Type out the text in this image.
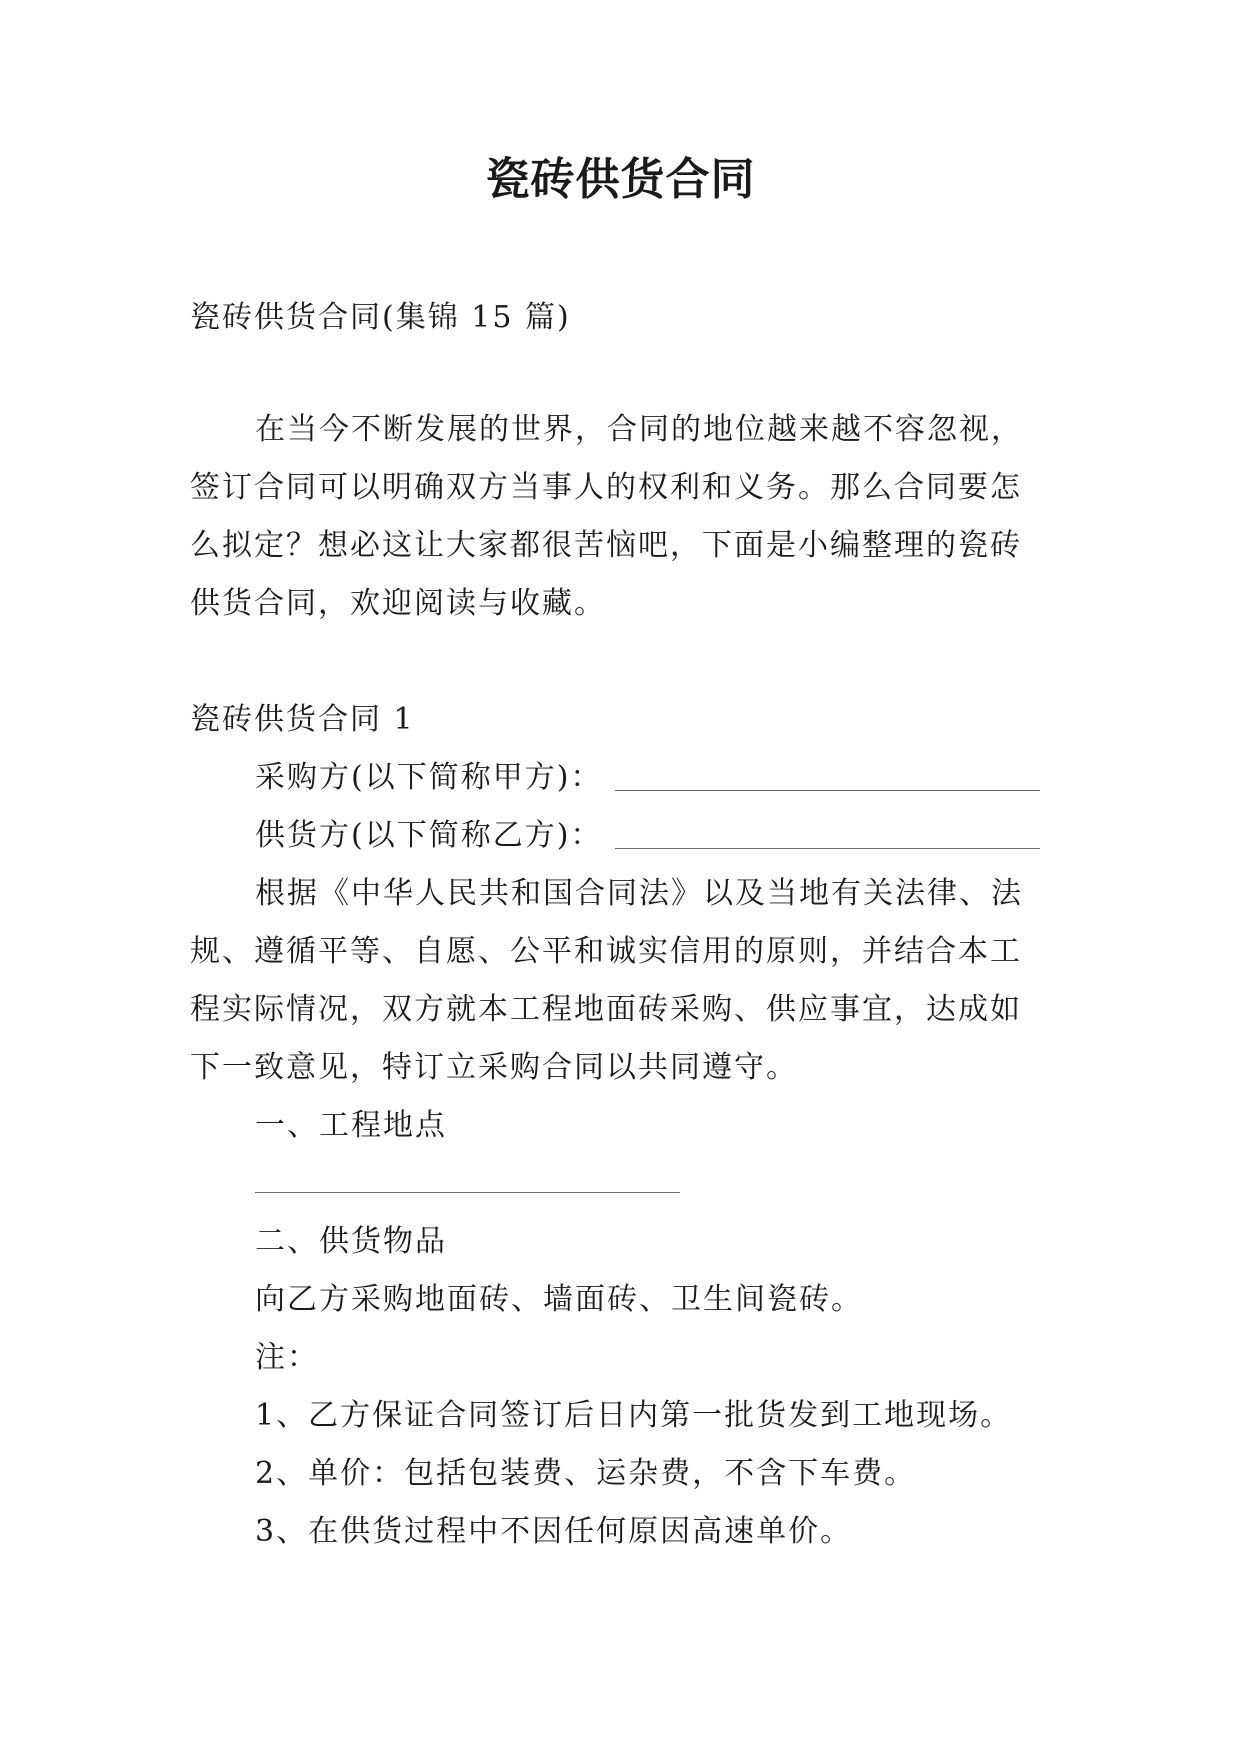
瓷砖供货合同
瓷砖供货合同(集锦 15 篇)
在当今不断发展的世界，合同的地位越来越不容忽视，
签订合同可以明确双方当事人的权利和义务。那么合同要怎
么拟定？想必这让大家都很苦恼吧，下面是小编整理的瓷砖
供货合同，欢迎阅读与收藏。
瓷砖供货合同 1
采购方(以下简称甲方)：
供货方(以下简称乙方)：
根据《中华人民共和国合同法》以及当地有关法律、法
规、遵循平等、自愿、公平和诚实信用的原则，并结合本工
程实际情况，双方就本工程地面砖采购、供应事宜，达成如
下一致意见，特订立采购合同以共同遵守。
一、工程地点
二、供货物品
向乙方采购地面砖、墙面砖、卫生间瓷砖。
注：
1、乙方保证合同签订后日内第一批货发到工地现场。
2、单价：包括包装费、运杂费，不含下车费。
3、在供货过程中不因任何原因高速单价。
